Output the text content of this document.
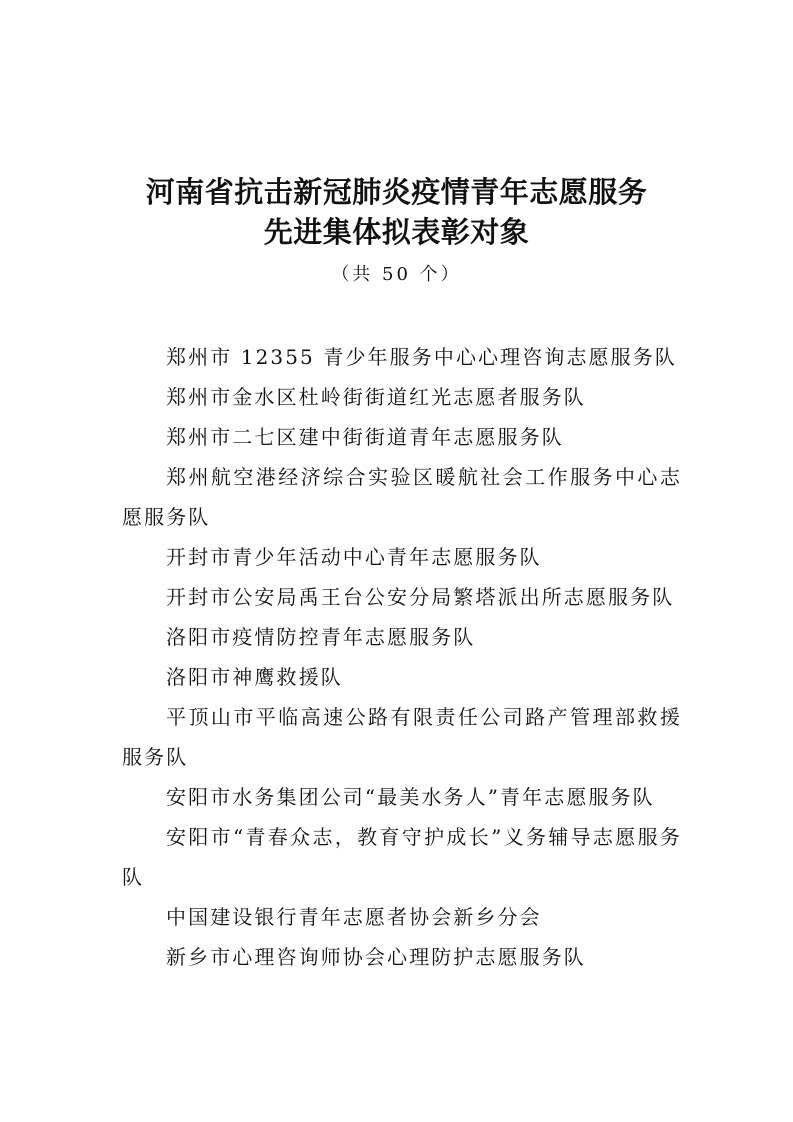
河南省抗击新冠肺炎疫情青年志愿服务
先进集体拟表彰对象
（共 50 个）
郑州市 12355 青少年服务中心心理咨询志愿服务队
郑州市金水区杜岭街街道红光志愿者服务队
郑州市二七区建中街街道青年志愿服务队
郑州航空港经济综合实验区暖航社会工作服务中心志愿服务队
开封市青少年活动中心青年志愿服务队
开封市公安局禹王台公安分局繁塔派出所志愿服务队
洛阳市疫情防控青年志愿服务队
洛阳市神鹰救援队
平顶山市平临高速公路有限责任公司路产管理部救援服务队
安阳市水务集团公司“最美水务人”青年志愿服务队
安阳市“青春众志，教育守护成长”义务辅导志愿服务队
中国建设银行青年志愿者协会新乡分会
新乡市心理咨询师协会心理防护志愿服务队
